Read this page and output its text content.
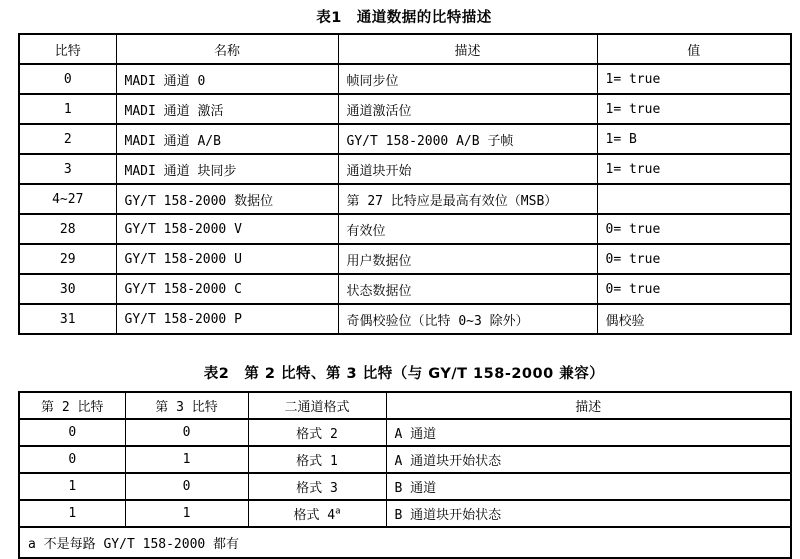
表1　通道数据的比特描述
比特	名称	描述	值
0	MADI 通道 0	帧同步位	1= true
1	MADI 通道 激活	通道激活位	1= true
2	MADI 通道 A/B	GY/T 158-2000 A/B 子帧	1= B
3	MADI 通道 块同步	通道块开始	1= true
4~27	GY/T 158-2000 数据位	第 27 比特应是最高有效位（MSB）	
28	GY/T 158-2000 V	有效位	0= true
29	GY/T 158-2000 U	用户数据位	0= true
30	GY/T 158-2000 C	状态数据位	0= true
31	GY/T 158-2000 P	奇偶校验位（比特 0~3 除外）	偶校验
表2　第 2 比特、第 3 比特（与 GY/T 158-2000 兼容）
第 2 比特	第 3 比特	二通道格式	描述
0	0	格式 2	A 通道
0	1	格式 1	A 通道块开始状态
1	0	格式 3	B 通道
1	1	格式 4$^a$	B 通道块开始状态
a 不是每路 GY/T 158-2000 都有			
